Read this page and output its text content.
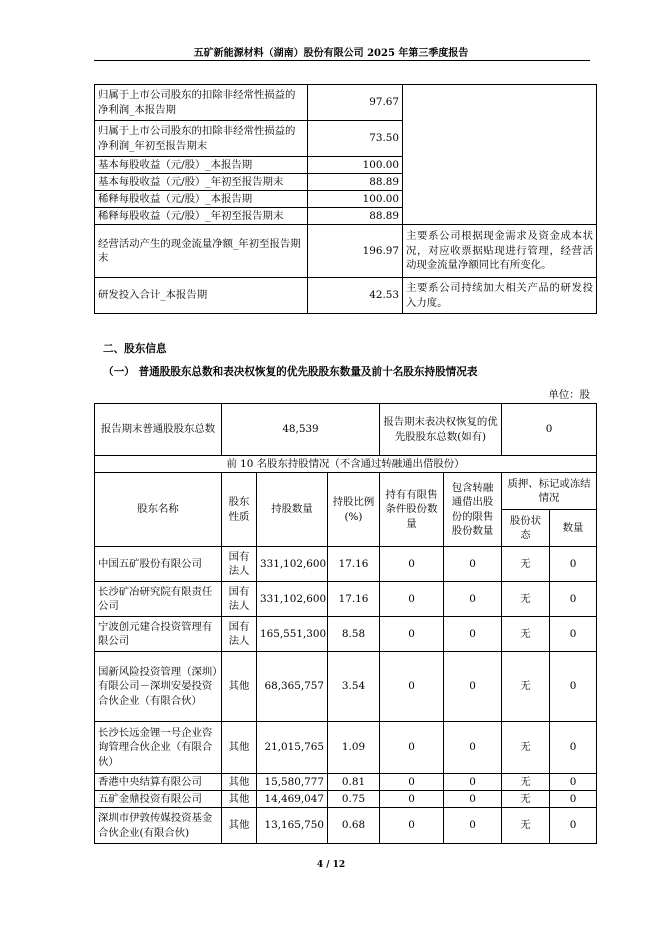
五矿新能源材料（湖南）股份有限公司 2025 年第三季度报告
归属于上市公司股东的扣除非经常性损益的净利润_本报告期	97.67	
归属于上市公司股东的扣除非经常性损益的净利润_年初至报告期末	73.50	
基本每股收益（元/股）_本报告期	100.00	
基本每股收益（元/股）_年初至报告期末	88.89	
稀释每股收益（元/股）_本报告期	100.00	
稀释每股收益（元/股）_年初至报告期末	88.89	
经营活动产生的现金流量净额_年初至报告期末	196.97	主要系公司根据现金需求及资金成本状况，对应收票据贴现进行管理，经营活动现金流量净额同比有所变化。
研发投入合计_本报告期	42.53	主要系公司持续加大相关产品的研发投入力度。
二、股东信息
（一） 普通股股东总数和表决权恢复的优先股股东数量及前十名股东持股情况表
单位：股
报告期末普通股股东总数	48,539			报告期末表决权恢复的优先股股东总数(如有)		0	
前 10 名股东持股情况（不含通过转融通出借股份）							
股东名称	股东性质	持股数量	持股比例(%)	持有有限售条件股份数量	包含转融通借出股份的限售股份数量	质押、标记或冻结情况	
						股份状态	数量
中国五矿股份有限公司	国有法人	331,102,600	17.16	0	0	无	0
长沙矿冶研究院有限责任公司	国有法人	331,102,600	17.16	0	0	无	0
宁波创元建合投资管理有限公司	国有法人	165,551,300	8.58	0	0	无	0
国新风险投资管理（深圳）有限公司－深圳安晏投资合伙企业（有限合伙）	其他	68,365,757	3.54	0	0	无	0
长沙长远金锂一号企业咨询管理合伙企业（有限合伙）	其他	21,015,765	1.09	0	0	无	0
香港中央结算有限公司	其他	15,580,777	0.81	0	0	无	0
五矿金鼎投资有限公司	其他	14,469,047	0.75	0	0	无	0
深圳市伊敦传媒投资基金合伙企业(有限合伙)	其他	13,165,750	0.68	0	0	无	0
4 / 12
